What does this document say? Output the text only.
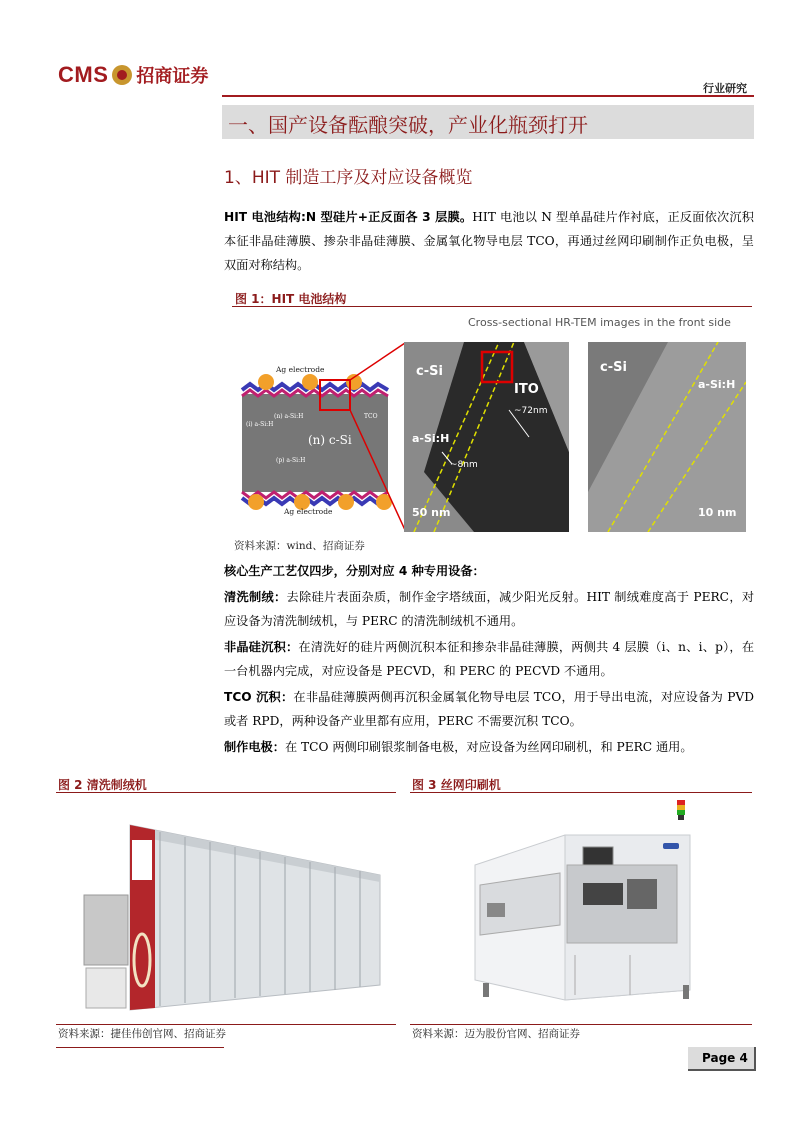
CMS 招商证券
行业研究
一、国产设备酝酿突破，产业化瓶颈打开
1、HIT 制造工序及对应设备概览
HIT 电池结构:N 型硅片+正反面各 3 层膜。HIT 电池以 N 型单晶硅片作衬底，正反面依次沉积本征非晶硅薄膜、掺杂非晶硅薄膜、金属氧化物导电层 TCO，再通过丝网印刷制作正负电极，呈双面对称结构。
图 1：HIT 电池结构
Cross-sectional HR-TEM images in the front side
Ag electrode
(n) a-Si:H
(i) a-Si:H
TCO
(n) c-Si
(p) a-Si:H
Ag electrode
c-Si
ITO
a-Si:H
~72nm
~8nm
50 nm
c-Si
a-Si:H
10 nm
资料来源：wind、招商证券
核心生产工艺仅四步，分别对应 4 种专用设备：
清洗制绒：去除硅片表面杂质，制作金字塔绒面，减少阳光反射。HIT 制绒难度高于 PERC，对应设备为清洗制绒机，与 PERC 的清洗制绒机不通用。
非晶硅沉积：在清洗好的硅片两侧沉积本征和掺杂非晶硅薄膜，两侧共 4 层膜（i、n、i、p），在一台机器内完成，对应设备是 PECVD，和 PERC 的 PECVD 不通用。
TCO 沉积：在非晶硅薄膜两侧再沉积金属氧化物导电层 TCO，用于导出电流，对应设备为 PVD 或者 RPD，两种设备产业里都有应用，PERC 不需要沉积 TCO。
制作电极：在 TCO 两侧印刷银浆制备电极，对应设备为丝网印刷机，和 PERC 通用。
图 2 清洗制绒机
资料来源：捷佳伟创官网、招商证券
图 3 丝网印刷机
资料来源：迈为股份官网、招商证券
Page 4
